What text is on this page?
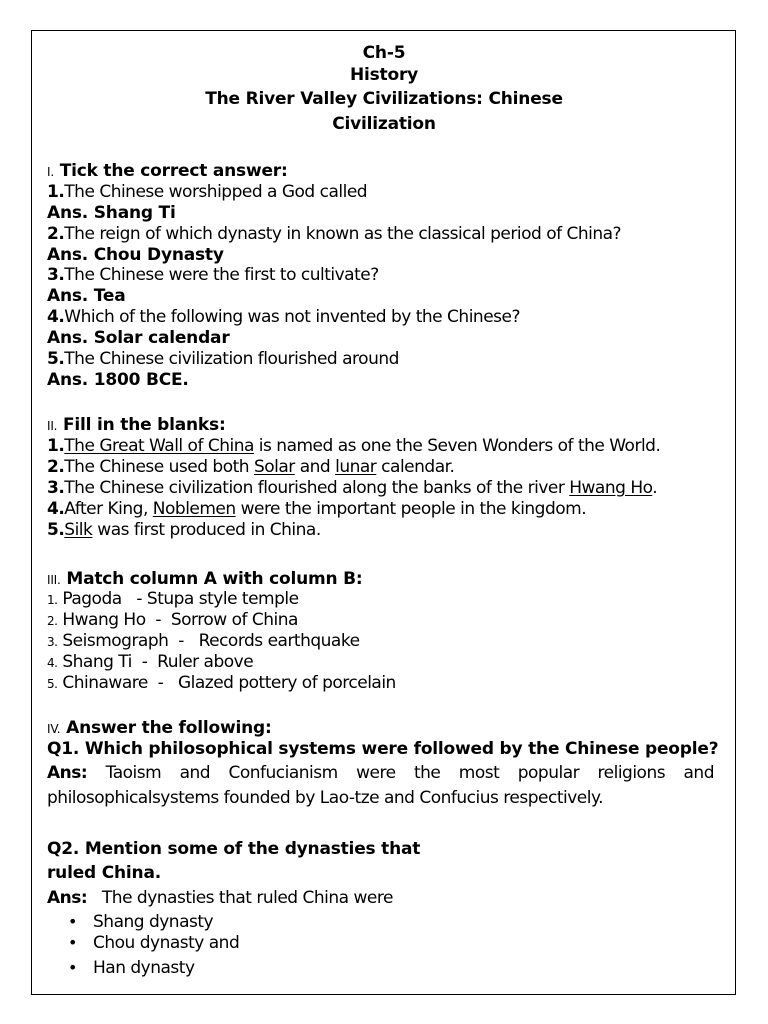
Ch-5
History
The River Valley Civilizations: Chinese
Civilization
I. Tick the correct answer:
1.The Chinese worshipped a God called
Ans. Shang Ti
2.The reign of which dynasty in known as the classical period of China?
Ans. Chou Dynasty
3.The Chinese were the first to cultivate?
Ans. Tea
4.Which of the following was not invented by the Chinese?
Ans. Solar calendar
5.The Chinese civilization flourished around
Ans. 1800 BCE.
II. Fill in the blanks:
1.The Great Wall of China is named as one the Seven Wonders of the World.
2.The Chinese used both Solar and lunar calendar.
3.The Chinese civilization flourished along the banks of the river Hwang Ho.
4.After King, Noblemen were the important people in the kingdom.
5.Silk was first produced in China.
III. Match column A with column B:
1. Pagoda   - Stupa style temple
2. Hwang Ho  -  Sorrow of China
3. Seismograph  -   Records earthquake
4. Shang Ti  -  Ruler above
5. Chinaware  -   Glazed pottery of porcelain
IV. Answer the following:
Q1. Which philosophical systems were followed by the Chinese people?
Ans: Taoism and Confucianism were the most popular religions and
philosophicalsystems founded by Lao-tze and Confucius respectively.
Q2. Mention some of the dynasties that
ruled China.
Ans: The dynasties that ruled China were
• Shang dynasty
• Chou dynasty and
• Han dynasty
